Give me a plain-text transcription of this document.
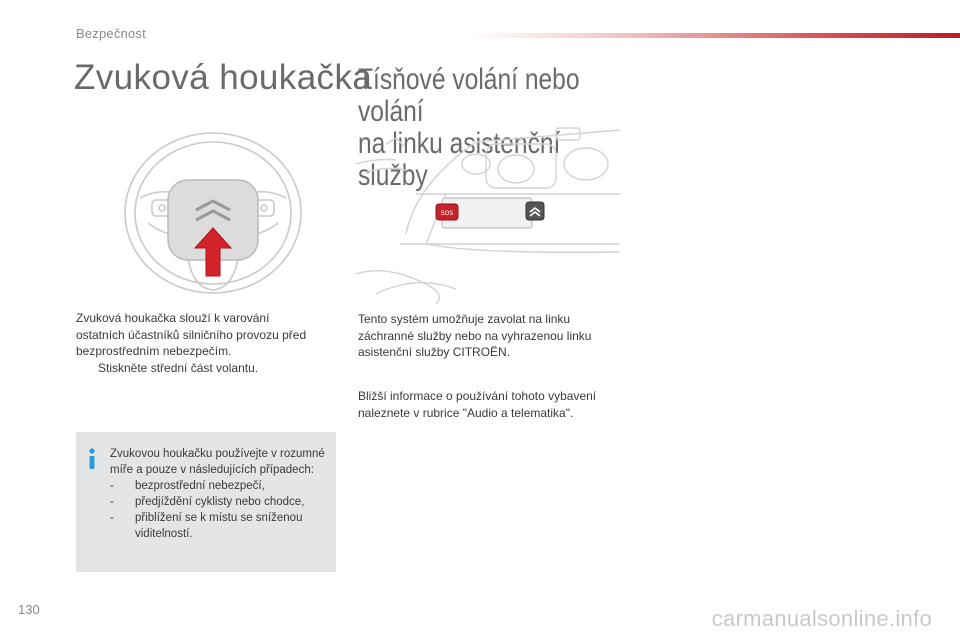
Bezpečnost
Zvuková houkačka
Tísňové volání nebo volání
na linku asistenční služby
SOS
Zvuková houkačka slouží k varování
ostatních účastníků silničního provozu před
bezprostředním nebezpečím.
Stiskněte střední část volantu.
Zvukovou houkačku používejte v rozumné míře a pouze v následujících případech:
-	bezprostřední nebezpečí,
-	předjíždění cyklisty nebo chodce,
-	přiblížení se k místu se sníženou viditelností.
Tento systém umožňuje zavolat na linku záchranné služby nebo na vyhrazenou linku asistenční služby CITROËN.
Bližší informace o používání tohoto vybavení naleznete v rubrice "Audio a telematika".
130	carmanualsonline.info
